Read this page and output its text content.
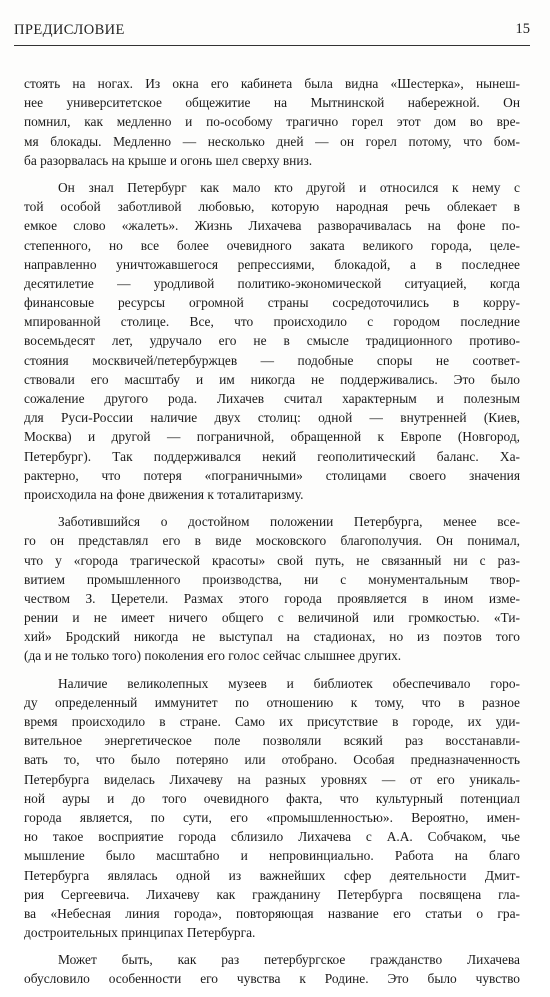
ПРЕДИСЛОВИЕ	15
стоять на ногах. Из окна его кабинета была видна «Шестерка», нынеш-
нее университетское общежитие на Мытнинской набережной. Он
помнил, как медленно и по-особому трагично горел этот дом во вре-
мя блокады. Медленно — несколько дней — он горел потому, что бом-
ба разорвалась на крыше и огонь шел сверху вниз.
Он знал Петербург как мало кто другой и относился к нему с
той особой заботливой любовью, которую народная речь облекает в
емкое слово «жалеть». Жизнь Лихачева разворачивалась на фоне по-
степенного, но все более очевидного заката великого города, целе-
направленно уничтожавшегося репрессиями, блокадой, а в последнее
десятилетие — уродливой политико-экономической ситуацией, когда
финансовые ресурсы огромной страны сосредоточились в корру-
мпированной столице. Все, что происходило с городом последние
восемьдесят лет, удручало его не в смысле традиционного противо-
стояния москвичей/петербуржцев — подобные споры не соответ-
ствовали его масштабу и им никогда не поддерживались. Это было
сожаление другого рода. Лихачев считал характерным и полезным
для Руси-России наличие двух столиц: одной — внутренней (Киев,
Москва) и другой — пограничной, обращенной к Европе (Новгород,
Петербург). Так поддерживался некий геополитический баланс. Ха-
рактерно, что потеря «пограничными» столицами своего значения
происходила на фоне движения к тоталитаризму.
Заботившийся о достойном положении Петербурга, менее все-
го он представлял его в виде московского благополучия. Он понимал,
что у «города трагической красоты» свой путь, не связанный ни с раз-
витием промышленного производства, ни с монументальным твор-
чеством З. Церетели. Размах этого города проявляется в ином изме-
рении и не имеет ничего общего с величиной или громкостью. «Ти-
хий» Бродский никогда не выступал на стадионах, но из поэтов того
(да и не только того) поколения его голос сейчас слышнее других.
Наличие великолепных музеев и библиотек обеспечивало горо-
ду определенный иммунитет по отношению к тому, что в разное
время происходило в стране. Само их присутствие в городе, их уди-
вительное энергетическое поле позволяли всякий раз восстанавли-
вать то, что было потеряно или отобрано. Особая предназначенность
Петербурга виделась Лихачеву на разных уровнях — от его уникаль-
ной ауры и до того очевидного факта, что культурный потенциал
города является, по сути, его «промышленностью». Вероятно, имен-
но такое восприятие города сблизило Лихачева с А.А. Собчаком, чье
мышление было масштабно и непровинциально. Работа на благо
Петербурга являлась одной из важнейших сфер деятельности Дмит-
рия Сергеевича. Лихачеву как гражданину Петербурга посвящена гла-
ва «Небесная линия города», повторяющая название его статьи о гра-
достроительных принципах Петербурга.
Может быть, как раз петербургское гражданство Лихачева
обусловило особенности его чувства к Родине. Это было чувство
